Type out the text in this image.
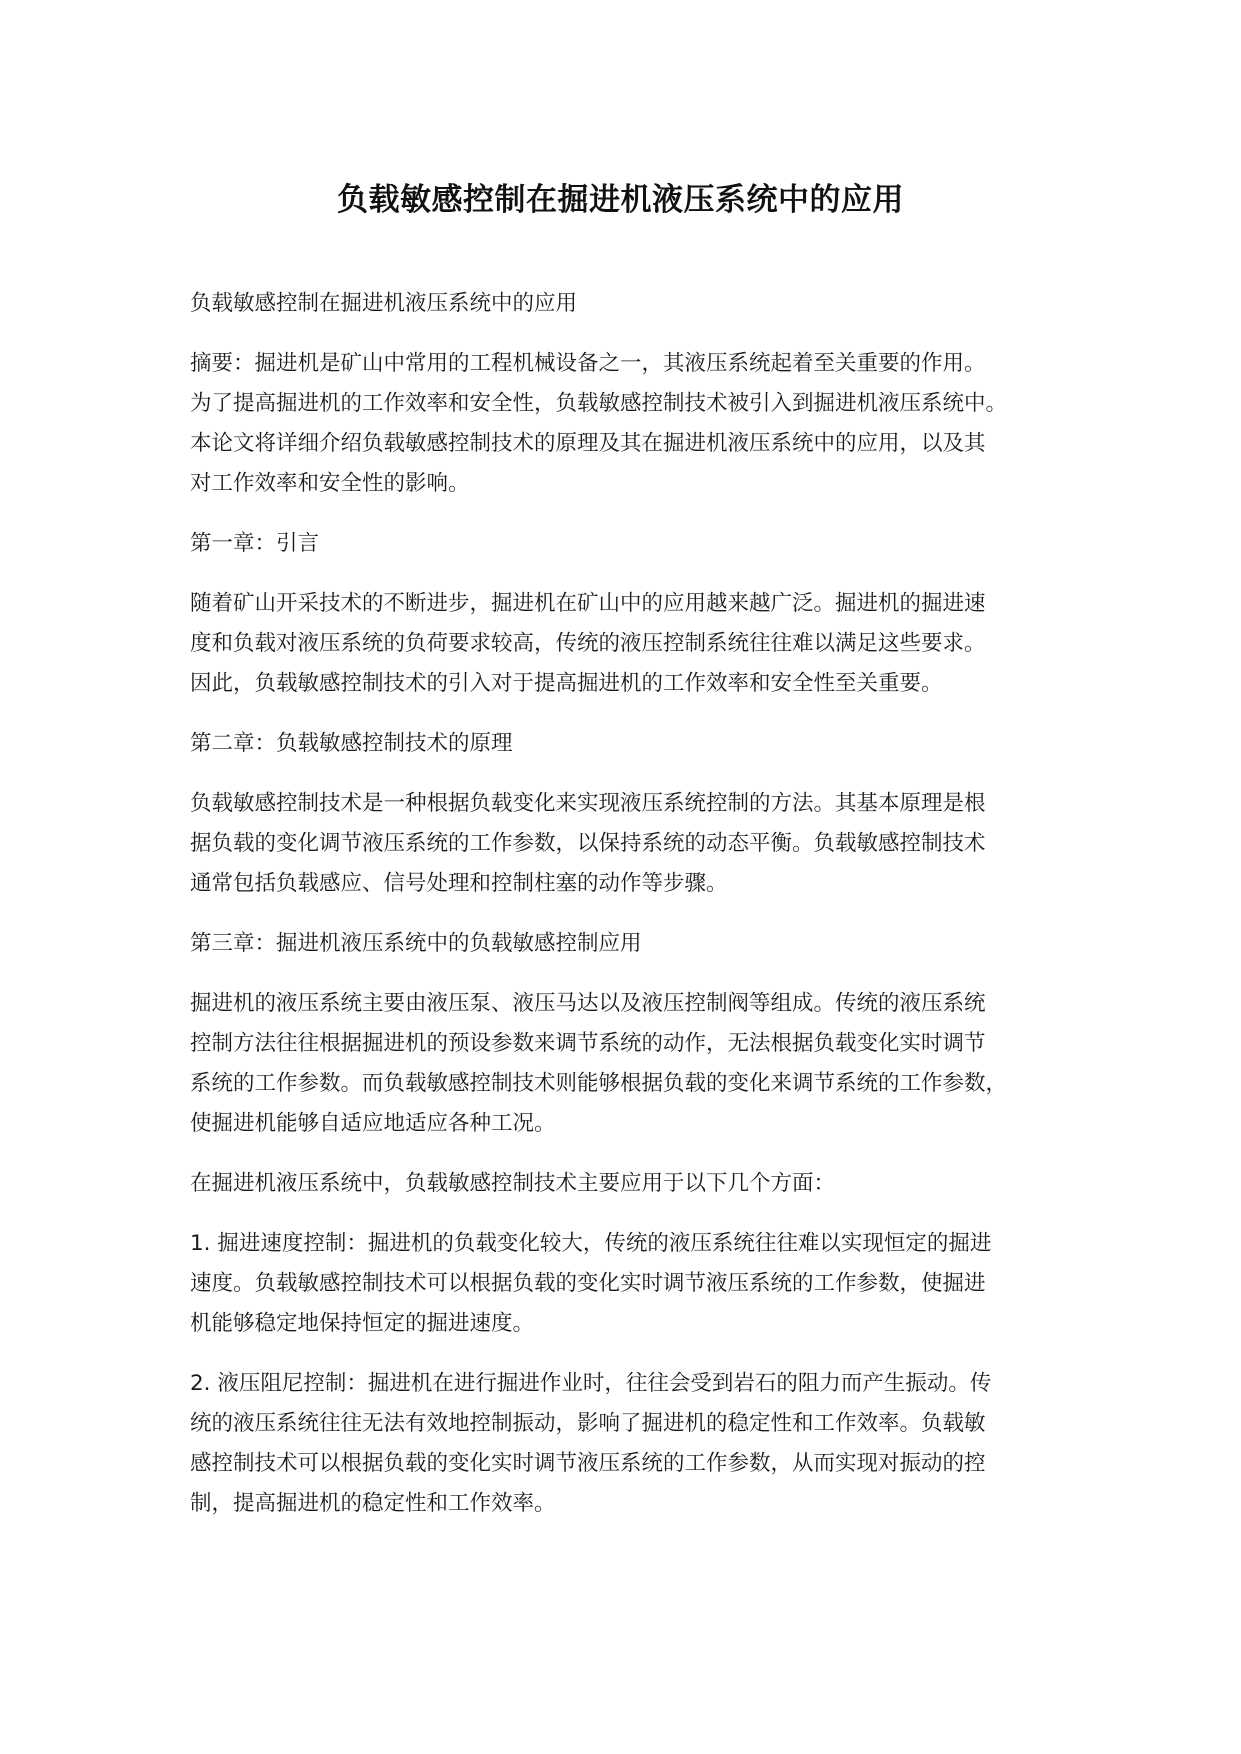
负载敏感控制在掘进机液压系统中的应用

负载敏感控制在掘进机液压系统中的应用

摘要：掘进机是矿山中常用的工程机械设备之一，其液压系统起着至关重要的作用。
为了提高掘进机的工作效率和安全性，负载敏感控制技术被引入到掘进机液压系统中。
本论文将详细介绍负载敏感控制技术的原理及其在掘进机液压系统中的应用，以及其
对工作效率和安全性的影响。

第一章：引言

随着矿山开采技术的不断进步，掘进机在矿山中的应用越来越广泛。掘进机的掘进速
度和负载对液压系统的负荷要求较高，传统的液压控制系统往往难以满足这些要求。
因此，负载敏感控制技术的引入对于提高掘进机的工作效率和安全性至关重要。

第二章：负载敏感控制技术的原理

负载敏感控制技术是一种根据负载变化来实现液压系统控制的方法。其基本原理是根
据负载的变化调节液压系统的工作参数，以保持系统的动态平衡。负载敏感控制技术
通常包括负载感应、信号处理和控制柱塞的动作等步骤。

第三章：掘进机液压系统中的负载敏感控制应用

掘进机的液压系统主要由液压泵、液压马达以及液压控制阀等组成。传统的液压系统
控制方法往往根据掘进机的预设参数来调节系统的动作，无法根据负载变化实时调节
系统的工作参数。而负载敏感控制技术则能够根据负载的变化来调节系统的工作参数，
使掘进机能够自适应地适应各种工况。

在掘进机液压系统中，负载敏感控制技术主要应用于以下几个方面：

1. 掘进速度控制：掘进机的负载变化较大，传统的液压系统往往难以实现恒定的掘进
速度。负载敏感控制技术可以根据负载的变化实时调节液压系统的工作参数，使掘进
机能够稳定地保持恒定的掘进速度。

2. 液压阻尼控制：掘进机在进行掘进作业时，往往会受到岩石的阻力而产生振动。传
统的液压系统往往无法有效地控制振动，影响了掘进机的稳定性和工作效率。负载敏
感控制技术可以根据负载的变化实时调节液压系统的工作参数，从而实现对振动的控
制，提高掘进机的稳定性和工作效率。
